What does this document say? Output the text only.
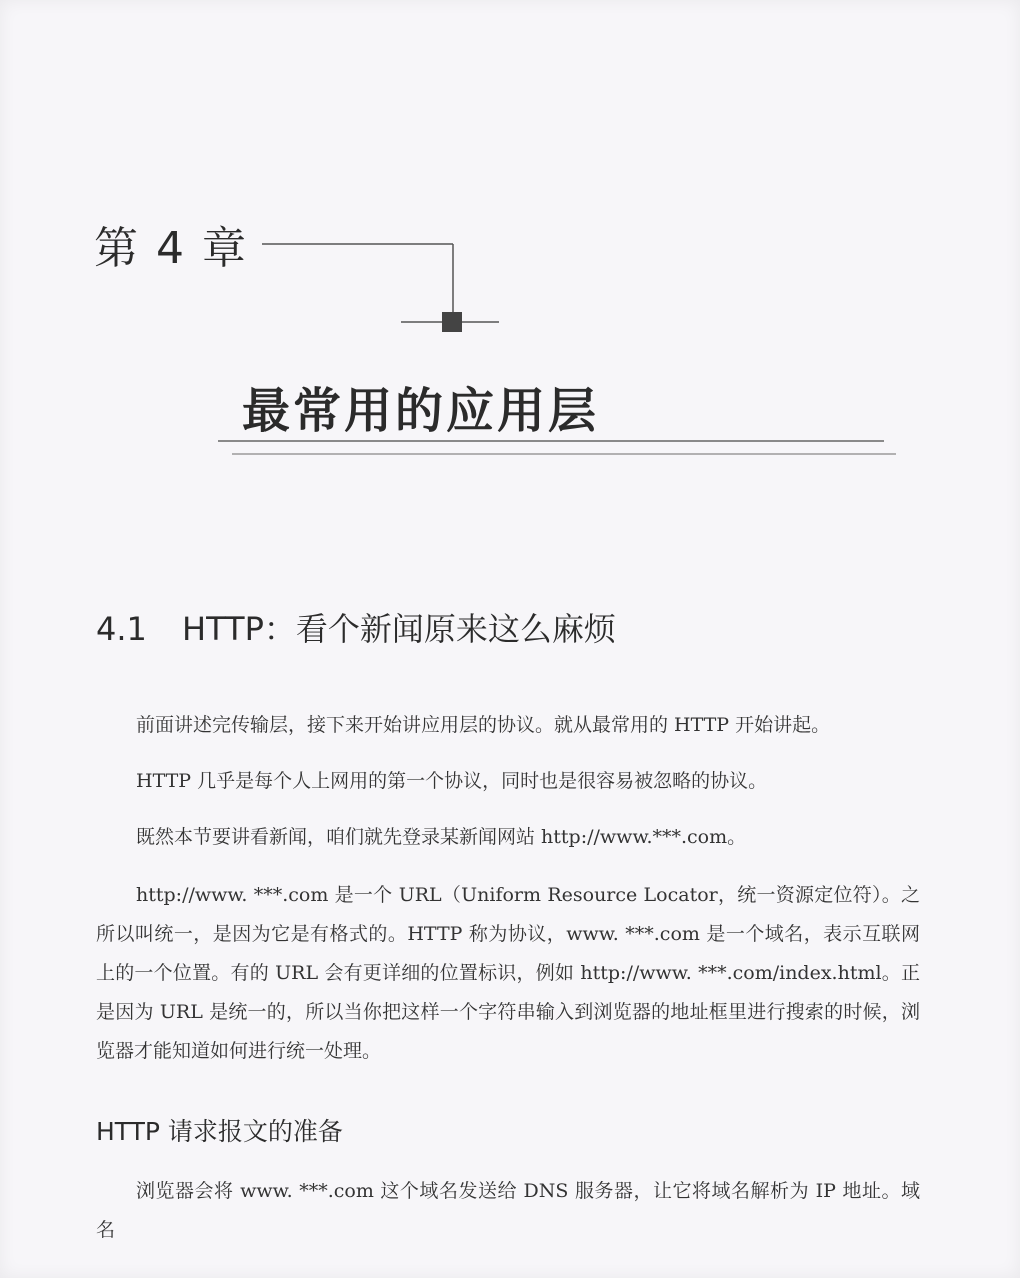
第 4 章
最常用的应用层
4.1 HTTP：看个新闻原来这么麻烦

前面讲述完传输层，接下来开始讲应用层的协议。就从最常用的 HTTP 开始讲起。

HTTP 几乎是每个人上网用的第一个协议，同时也是很容易被忽略的协议。

既然本节要讲看新闻，咱们就先登录某新闻网站 http://www.***.com。

http://www. ***.com 是一个 URL（Uniform Resource Locator，统一资源定位符）。之所以叫统一，是因为它是有格式的。HTTP 称为协议，www. ***.com 是一个域名，表示互联网上的一个位置。有的 URL 会有更详细的位置标识，例如 http://www. ***.com/index.html。正是因为 URL 是统一的，所以当你把这样一个字符串输入到浏览器的地址框里进行搜索的时候，浏览器才能知道如何进行统一处理。

HTTP 请求报文的准备

浏览器会将 www. ***.com 这个域名发送给 DNS 服务器，让它将域名解析为 IP 地址。域名
